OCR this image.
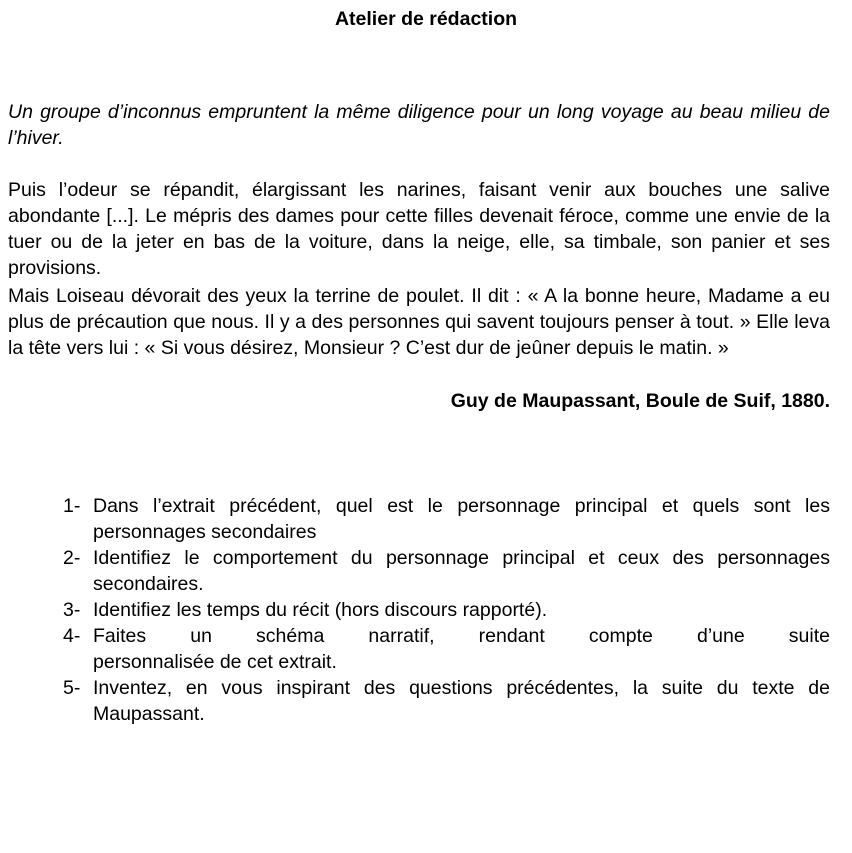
Atelier de rédaction

Un groupe d’inconnus empruntent la même diligence pour un long voyage au beau milieu de l’hiver.

Puis l’odeur se répandit, élargissant les narines, faisant venir aux bouches une salive abondante [...]. Le mépris des dames pour cette filles devenait féroce, comme une envie de la tuer ou de la jeter en bas de la voiture, dans la neige, elle, sa timbale, son panier et ses provisions.

Mais Loiseau dévorait des yeux la terrine de poulet. Il dit : « A la bonne heure, Madame a eu plus de précaution que nous. Il y a des personnes qui savent toujours penser à tout. » Elle leva la tête vers lui : « Si vous désirez, Monsieur ? C’est dur de jeûner depuis le matin. »

Guy de Maupassant, Boule de Suif, 1880.
1- Dans l’extrait précédent, quel est le personnage principal et quels sont les personnages secondaires
2- Identifiez le comportement du personnage principal et ceux des personnages secondaires.
3- Identifiez les temps du récit (hors discours rapporté).
4- Faites un schéma narratif, rendant compte d’une suite
personnalisée de cet extrait.
5- Inventez, en vous inspirant des questions précédentes, la suite du texte de Maupassant.
